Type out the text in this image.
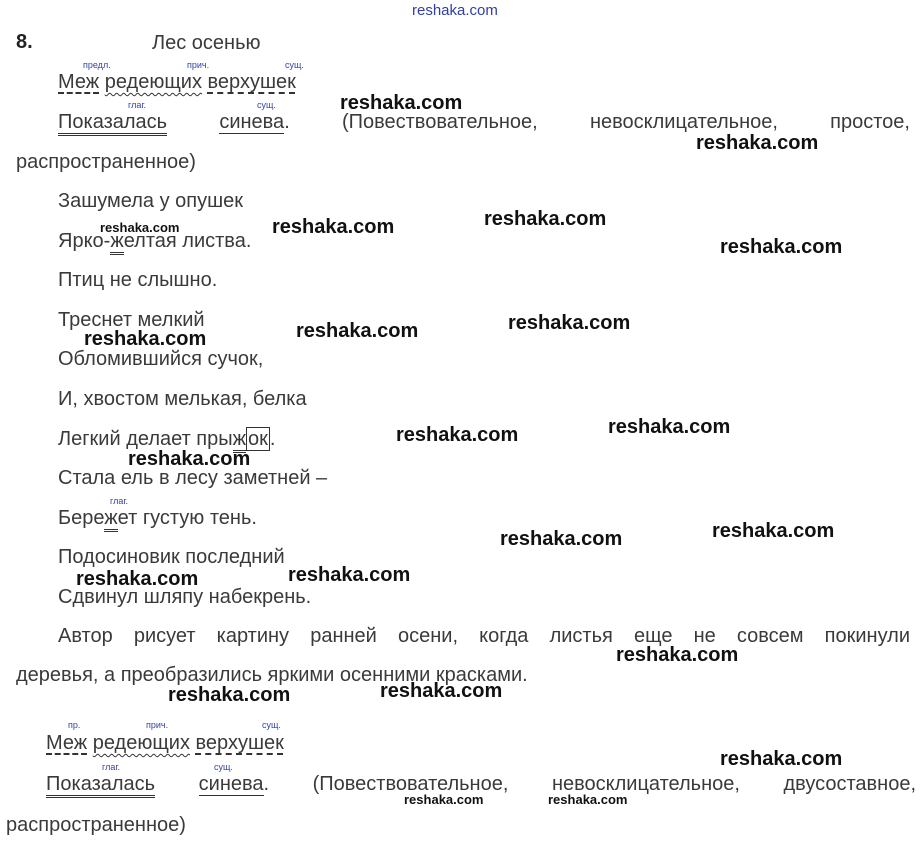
reshaka.com
8.	Лес осенью
предл.	прич.	сущ.
Меж редеющих верхушек
глаг.	сущ.
Показалась	синева. (Повествовательное,	невосклицательное,	простое,
распространенное)
Зашумела у опушек
Ярко-желтая листва.
Птиц не слышно.
Треснет мелкий
Обломившийся сучок,
И, хвостом мелькая, белка
Легкий делает прыж ок .
Стала ель в лесу заметней –
глаг.
Бережет густую тень.
Подосиновик последний
Сдвинул шляпу набекрень.
Автор рисует картину ранней осени, когда листья еще не совсем покинули
деревья, а преобразились яркими осенними красками.
пр.	прич.	сущ.
Меж редеющих верхушек
глаг.	сущ.
Показалась синева. (Повествовательное, невосклицательное, двусоставное,
распространенное)
reshaka.com
reshaka.com
reshaka.com	reshaka.com	reshaka.com
reshaka.com
reshaka.com	reshaka.com
reshaka.com
reshaka.com	reshaka.com
reshaka.com
reshaka.com
reshaka.com
reshaka.com
reshaka.com
reshaka.com
reshaka.com
reshaka.com
reshaka.com
reshaka.com	reshaka.com
